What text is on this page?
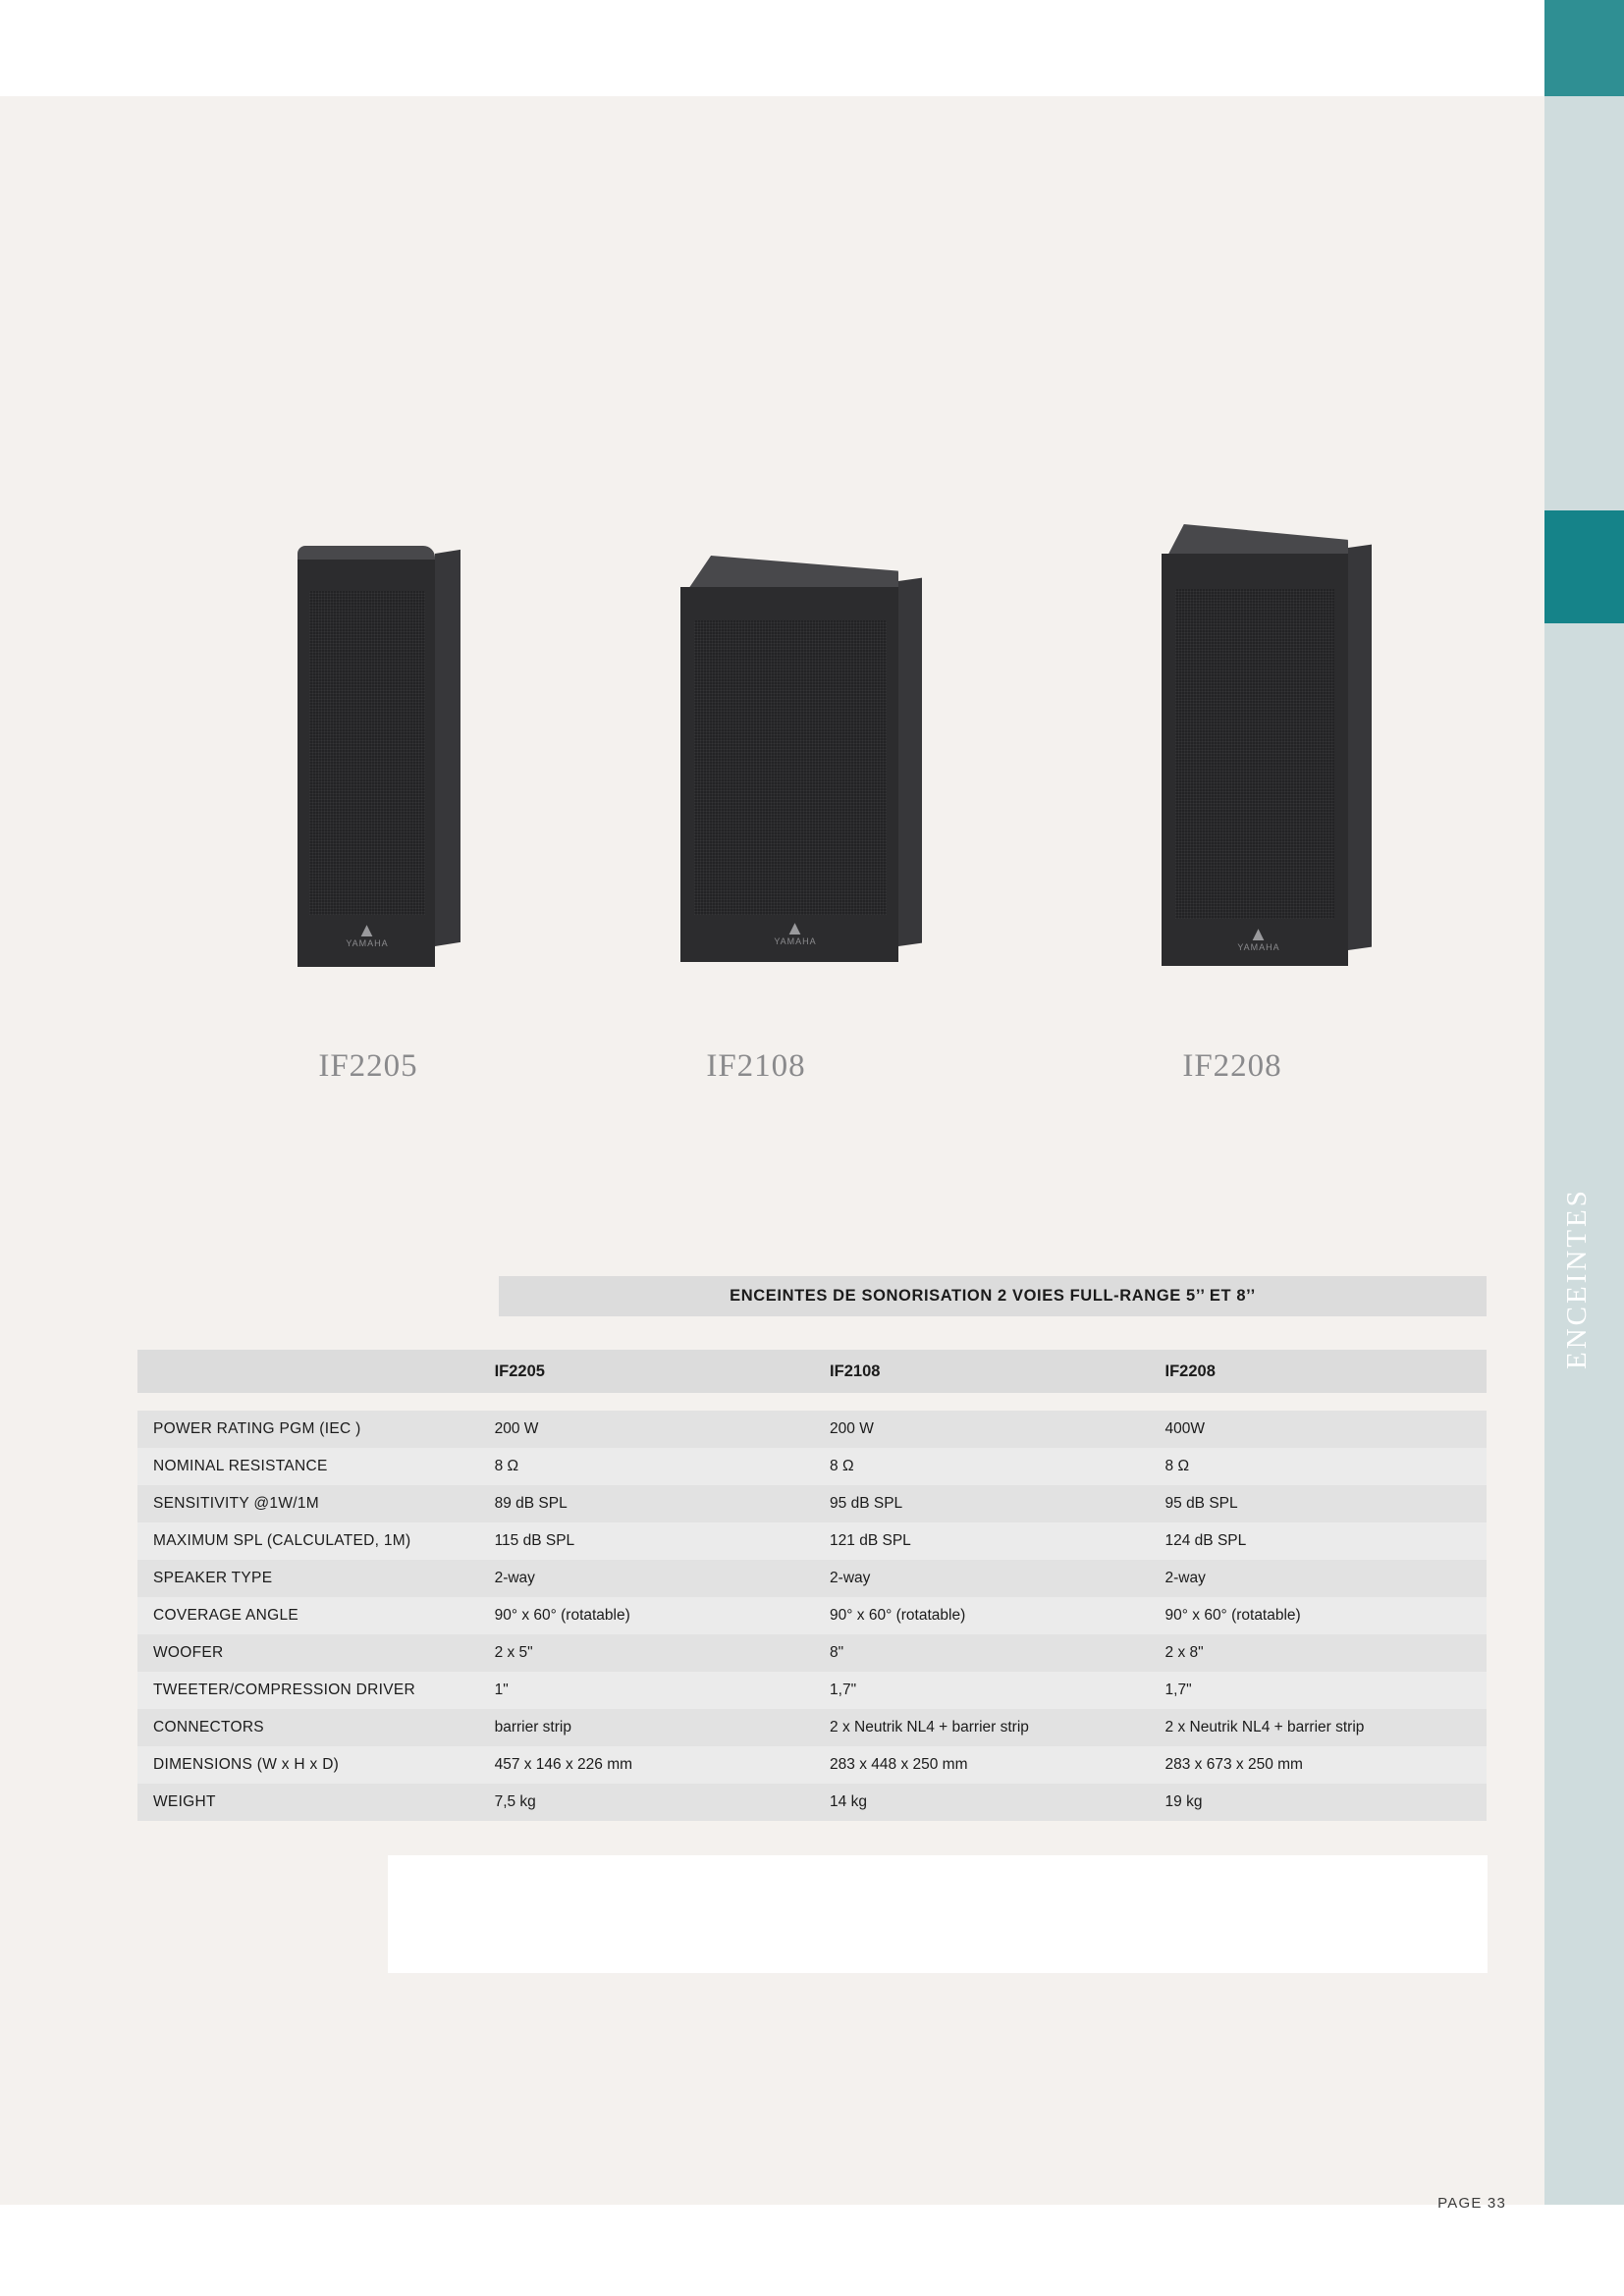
ENCEINTES
▲
YAMAHA
▲
YAMAHA	▲
YAMAHA
IF2205	IF2108	IF2208
ENCEINTES DE SONORISATION 2 VOIES FULL-RANGE 5’’ ET 8’’
	IF2205	IF2108	IF2208

POWER RATING PGM (IEC )	200 W	200 W	400W
NOMINAL RESISTANCE	8 Ω	8 Ω	8 Ω
SENSITIVITY @1W/1M	89 dB SPL	95 dB SPL	95 dB SPL
MAXIMUM SPL (CALCULATED, 1M)	115 dB SPL	121 dB SPL	124 dB SPL
SPEAKER TYPE	2-way	2-way	2-way
COVERAGE ANGLE	90° x 60° (rotatable)	90° x 60° (rotatable)	90° x 60° (rotatable)
WOOFER	2 x 5"	8"	2 x 8"
TWEETER/COMPRESSION DRIVER	1"	1,7"	1,7"
CONNECTORS	barrier strip	2 x Neutrik NL4 + barrier strip	2 x Neutrik NL4 + barrier strip
DIMENSIONS (W x H x D)	457 x 146 x 226 mm	283 x 448 x 250 mm	283 x 673 x 250 mm
WEIGHT	7,5 kg	14 kg	19 kg
PAGE 33
